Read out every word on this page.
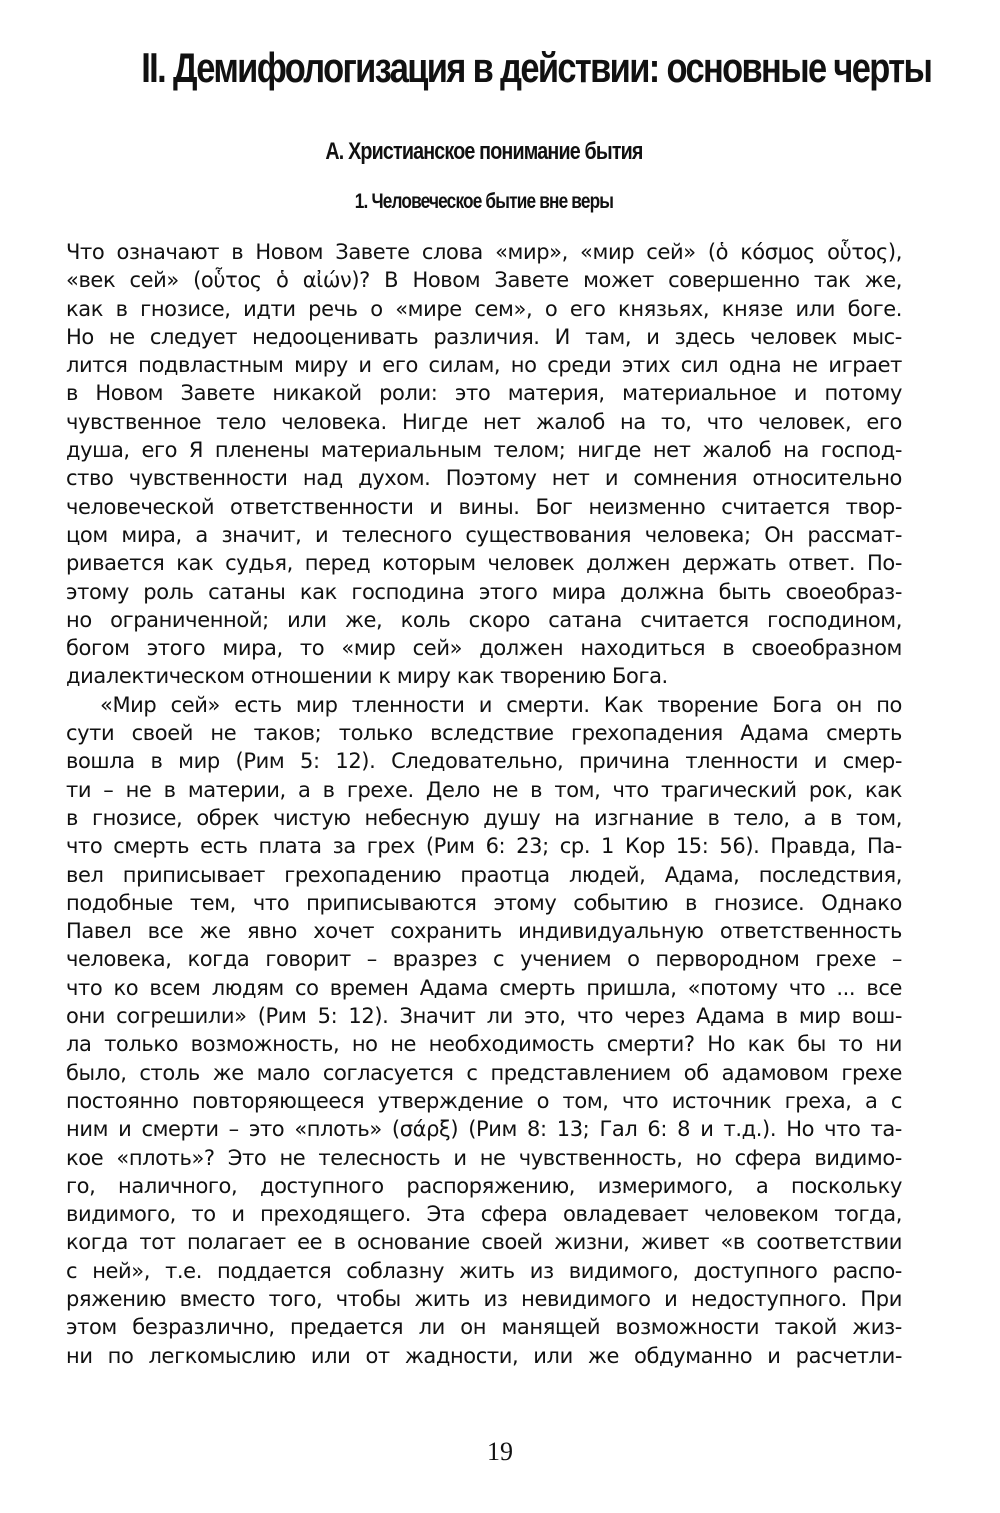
II. Демифологизация в действии: основные черты
А. Христианское понимание бытия
1. Человеческое бытие вне веры
Что означают в Новом Завете слова «мир», «мир сей» (ὁ κόσμος οὗτος),
«век сей» (οὗτος ὁ αἰών)? В Новом Завете может совершенно так же,
как в гнозисе, идти речь о «мире сем», о его князьях, князе или боге.
Но не следует недооценивать различия. И там, и здесь человек мыс-
лится подвластным миру и его силам, но среди этих сил одна не играет
в Новом Завете никакой роли: это материя, материальное и потому
чувственное тело человека. Нигде нет жалоб на то, что человек, его
душа, его Я пленены материальным телом; нигде нет жалоб на господ-
ство чувственности над духом. Поэтому нет и сомнения относительно
человеческой ответственности и вины. Бог неизменно считается твор-
цом мира, а значит, и телесного существования человека; Он рассмат-
ривается как судья, перед которым человек должен держать ответ. По-
этому роль сатаны как господина этого мира должна быть своеобраз-
но ограниченной; или же, коль скоро сатана считается господином,
богом этого мира, то «мир сей» должен находиться в своеобразном
диалектическом отношении к миру как творению Бога.
«Мир сей» есть мир тленности и смерти. Как творение Бога он по
сути своей не таков; только вследствие грехопадения Адама смерть
вошла в мир (Рим 5: 12). Следовательно, причина тленности и смер-
ти – не в материи, а в грехе. Дело не в том, что трагический рок, как
в гнозисе, обрек чистую небесную душу на изгнание в тело, а в том,
что смерть есть плата за грех (Рим 6: 23; ср. 1 Кор 15: 56). Правда, Па-
вел приписывает грехопадению праотца людей, Адама, последствия,
подобные тем, что приписываются этому событию в гнозисе. Однако
Павел все же явно хочет сохранить индивидуальную ответственность
человека, когда говорит – вразрез с учением о первородном грехе –
что ко всем людям со времен Адама смерть пришла, «потому что ... все
они согрешили» (Рим 5: 12). Значит ли это, что через Адама в мир вош-
ла только возможность, но не необходимость смерти? Но как бы то ни
было, столь же мало согласуется с представлением об адамовом грехе
постоянно повторяющееся утверждение о том, что источник греха, а с
ним и смерти – это «плоть» (σάρξ) (Рим 8: 13; Гал 6: 8 и т.д.). Но что та-
кое «плоть»? Это не телесность и не чувственность, но сфера видимо-
го, наличного, доступного распоряжению, измеримого, а поскольку
видимого, то и преходящего. Эта сфера овладевает человеком тогда,
когда тот полагает ее в основание своей жизни, живет «в соответствии
с ней», т.е. поддается соблазну жить из видимого, доступного распо-
ряжению вместо того, чтобы жить из невидимого и недоступного. При
этом безразлично, предается ли он манящей возможности такой жиз-
ни по легкомыслию или от жадности, или же обдуманно и расчетли-
19
